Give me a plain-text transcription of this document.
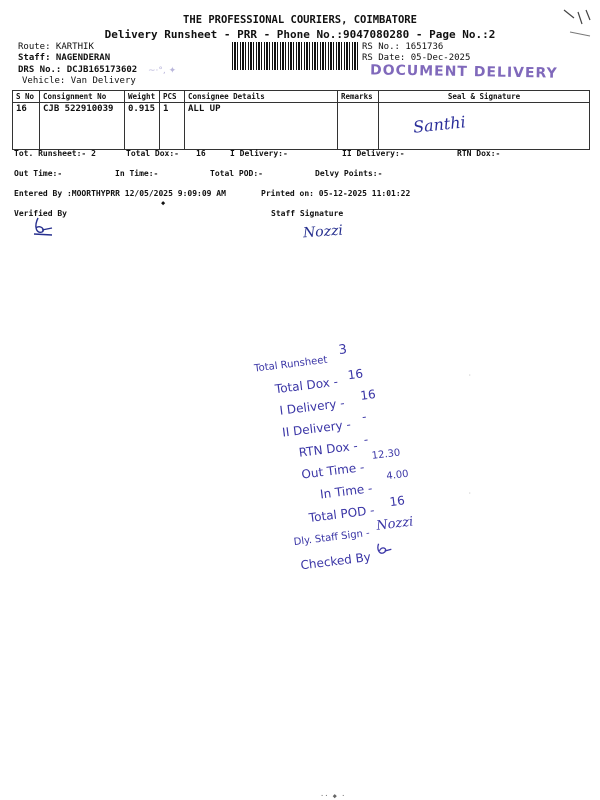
THE PROFESSIONAL COURIERS, COIMBATORE
Delivery Runsheet - PRR - Phone No.:9047080280 - Page No.:2
Route: KARTHIK
Staff: NAGENDERAN
DRS No.: DCJB165173602
Vehicle: Van Delivery
~·°, ✦
RS No.: 1651736
RS Date: 05-Dec-2025
DOCUMENT DELIVERY
S No	Consignment No	Weight	PCS	Consignee Details	Remarks	Seal & Signature
16	CJB 522910039	0.915	1	ALL UP		Santhi
Tot. Runsheet:- 2	Total Dox:- 16	I Delivery:-	II Delivery:-	RTN Dox:-
Out Time:-	In Time:-	Total POD:-	Delvy Points:-
Entered By :MOORTHYPRR 12/05/2025 9:09:09 AM	Printed on: 05-12-2025 11:01:22
◆
Verified By	Staff Signature
Nozzi
Total Runsheet
3
Total Dox -
16
I Delivery -
16
II Delivery -
-
RTN Dox - -
Out Time -
12.30
In Time -
4.00
Total POD -
16
Dly. Staff Sign -
Nozzi
Checked By
·
·
·· ◆ ·
